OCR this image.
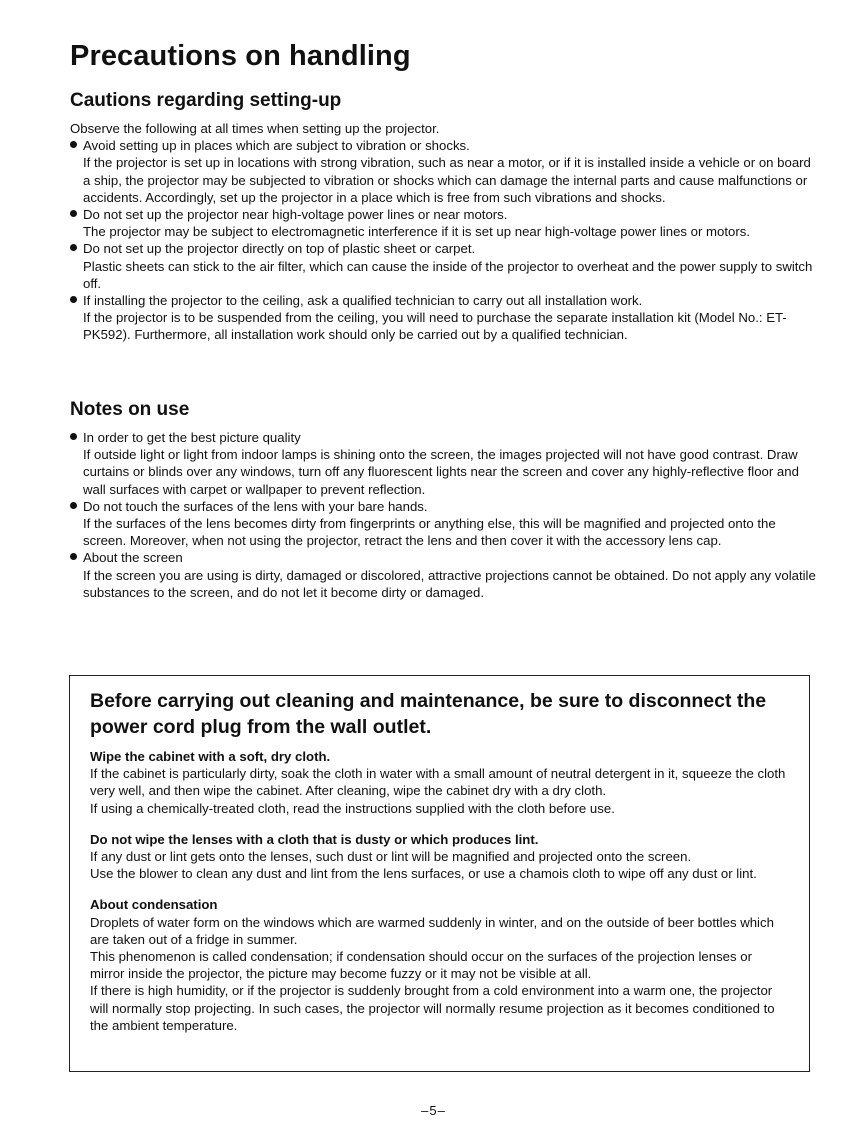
Precautions on handling
Cautions regarding setting-up
Observe the following at all times when setting up the projector.
Avoid setting up in places which are subject to vibration or shocks.
If the projector is set up in locations with strong vibration, such as near a motor, or if it is installed inside a vehicle or on board a ship, the projector may be subjected to vibration or shocks which can damage the internal parts and cause malfunctions or accidents. Accordingly, set up the projector in a place which is free from such vibrations and shocks.
Do not set up the projector near high-voltage power lines or near motors.
The projector may be subject to electromagnetic interference if it is set up near high-voltage power lines or motors.
Do not set up the projector directly on top of plastic sheet or carpet.
Plastic sheets can stick to the air filter, which can cause the inside of the projector to overheat and the power supply to switch off.
If installing the projector to the ceiling, ask a qualified technician to carry out all installation work.
If the projector is to be suspended from the ceiling, you will need to purchase the separate installation kit (Model No.: ET-PK592). Furthermore, all installation work should only be carried out by a qualified technician.
Notes on use
In order to get the best picture quality
If outside light or light from indoor lamps is shining onto the screen, the images projected will not have good contrast. Draw curtains or blinds over any windows, turn off any fluorescent lights near the screen and cover any highly-reflective floor and wall surfaces with carpet or wallpaper to prevent reflection.
Do not touch the surfaces of the lens with your bare hands.
If the surfaces of the lens becomes dirty from fingerprints or anything else, this will be magnified and projected onto the screen. Moreover, when not using the projector, retract the lens and then cover it with the accessory lens cap.
About the screen
If the screen you are using is dirty, damaged or discolored, attractive projections cannot be obtained. Do not apply any volatile substances to the screen, and do not let it become dirty or damaged.
Before carrying out cleaning and maintenance, be sure to disconnect the power cord plug from the wall outlet.
Wipe the cabinet with a soft, dry cloth.
If the cabinet is particularly dirty, soak the cloth in water with a small amount of neutral detergent in it, squeeze the cloth very well, and then wipe the cabinet. After cleaning, wipe the cabinet dry with a dry cloth.
If using a chemically-treated cloth, read the instructions supplied with the cloth before use.
Do not wipe the lenses with a cloth that is dusty or which produces lint.
If any dust or lint gets onto the lenses, such dust or lint will be magnified and projected onto the screen.
Use the blower to clean any dust and lint from the lens surfaces, or use a chamois cloth to wipe off any dust or lint.
About condensation
Droplets of water form on the windows which are warmed suddenly in winter, and on the outside of beer bottles which are taken out of a fridge in summer.
This phenomenon is called condensation; if condensation should occur on the surfaces of the projection lenses or mirror inside the projector, the picture may become fuzzy or it may not be visible at all.
If there is high humidity, or if the projector is suddenly brought from a cold environment into a warm one, the projector will normally stop projecting. In such cases, the projector will normally resume projection as it becomes conditioned to the ambient temperature.
–5–
